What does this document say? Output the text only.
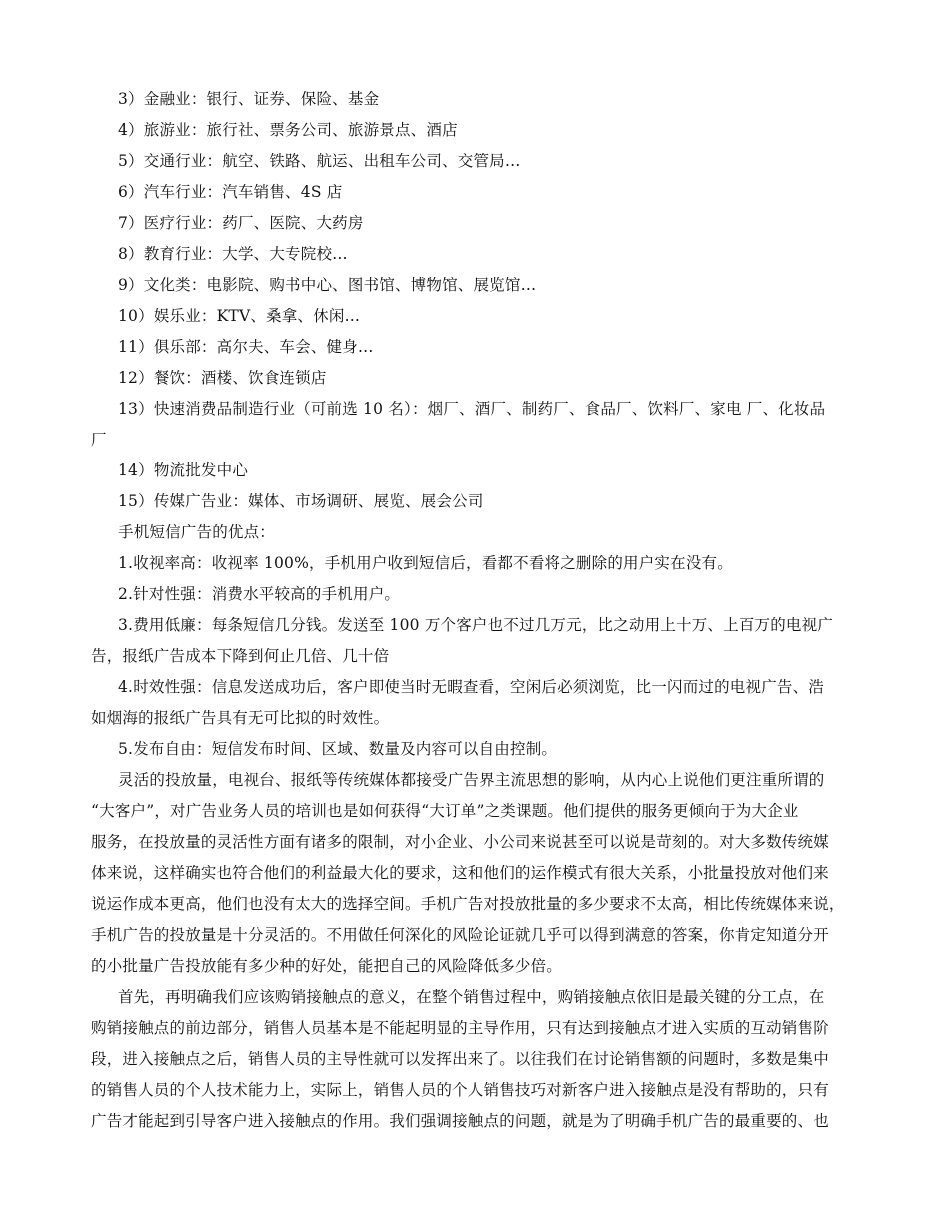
3）金融业：银行、证券、保险、基金
4）旅游业：旅行社、票务公司、旅游景点、酒店
5）交通行业：航空、铁路、航运、出租车公司、交管局…
6）汽车行业：汽车销售、4S 店
7）医疗行业：药厂、医院、大药房
8）教育行业：大学、大专院校…
9）文化类：电影院、购书中心、图书馆、博物馆、展览馆…
10）娱乐业：KTV、桑拿、休闲…
11）俱乐部：高尔夫、车会、健身…
12）餐饮：酒楼、饮食连锁店
13）快速消费品制造行业（可前选 10 名）：烟厂、酒厂、制药厂、食品厂、饮料厂、家电 厂、化妆品
厂
14）物流批发中心
15）传媒广告业：媒体、市场调研、展览、展会公司
手机短信广告的优点：
1.收视率高：收视率 100%，手机用户收到短信后，看都不看将之删除的用户实在没有。
2.针对性强：消费水平较高的手机用户。
3.费用低廉：每条短信几分钱。发送至 100 万个客户也不过几万元，比之动用上十万、上百万的电视广
告，报纸广告成本下降到何止几倍、几十倍
4.时效性强：信息发送成功后，客户即使当时无暇查看，空闲后必须浏览，比一闪而过的电视广告、浩
如烟海的报纸广告具有无可比拟的时效性。
5.发布自由：短信发布时间、区域、数量及内容可以自由控制。
灵活的投放量，电视台、报纸等传统媒体都接受广告界主流思想的影响，从内心上说他们更注重所谓的
“大客户”，对广告业务人员的培训也是如何获得“大订单”之类课题。他们提供的服务更倾向于为大企业
服务，在投放量的灵活性方面有诸多的限制，对小企业、小公司来说甚至可以说是苛刻的。对大多数传统媒
体来说，这样确实也符合他们的利益最大化的要求，这和他们的运作模式有很大关系，小批量投放对他们来
说运作成本更高，他们也没有太大的选择空间。手机广告对投放批量的多少要求不太高，相比传统媒体来说，
手机广告的投放量是十分灵活的。不用做任何深化的风险论证就几乎可以得到满意的答案，你肯定知道分开
的小批量广告投放能有多少种的好处，能把自己的风险降低多少倍。
首先，再明确我们应该购销接触点的意义，在整个销售过程中，购销接触点依旧是最关键的分工点，在
购销接触点的前边部分，销售人员基本是不能起明显的主导作用，只有达到接触点才进入实质的互动销售阶
段，进入接触点之后，销售人员的主导性就可以发挥出来了。以往我们在讨论销售额的问题时，多数是集中
的销售人员的个人技术能力上，实际上，销售人员的个人销售技巧对新客户进入接触点是没有帮助的，只有
广告才能起到引导客户进入接触点的作用。我们强调接触点的问题，就是为了明确手机广告的最重要的、也
